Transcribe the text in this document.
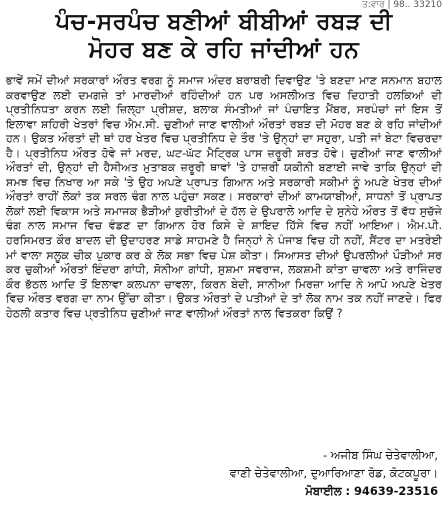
ਤ:ਵਾਰ | 98.. 33210
ਪੰਚ-ਸਰਪੰਚ ਬਣੀਆਂ ਬੀਬੀਆਂ ਰਬੜ ਦੀ
ਮੋਹਰ ਬਣ ਕੇ ਰਹਿ ਜਾਂਦੀਆਂ ਹਨ

ਭਾਵੇਂ ਸਮੇਂ ਦੀਆਂ ਸਰਕਾਰਾਂ ਔਰਤ ਵਰਗ ਨੂੰ ਸਮਾਜ ਅੰਦਰ ਬਰਾਬਰੀ ਦਿਵਾਉਣ 'ਤੇ ਬਣਦਾ ਮਾਣ ਸਨਮਾਨ ਬਹਾਲ ਕਰਵਾਉਣ ਲਈ ਦਮਗਜ਼ੇ ਤਾਂ ਮਾਰਦੀਆਂ ਰਹਿੰਦੀਆਂ ਹਨ ਪਰ ਅਸਲੀਅਤ ਵਿਚ ਦਿਹਾਤੀ ਹਲਕਿਆਂ ਦੀ ਪ੍ਰਤੀਨਿਧਤਾ ਕਰਨ ਲਈ ਜ਼ਿਲ੍ਹਾ ਪ੍ਰੀਸ਼ਦ, ਬਲਾਕ ਸੰਮਤੀਆਂ ਜਾਂ ਪੰਚਾਇਤ ਮੈਂਬਰ, ਸਰਪੰਚਾਂ ਜਾਂ ਇਸ ਤੋਂ ਇਲਾਵਾ ਸ਼ਹਿਰੀ ਖੇਤਰਾਂ ਵਿਚ ਐਮ.ਸੀ. ਚੁਣੀਆਂ ਜਾਣ ਵਾਲੀਆਂ ਔਰਤਾਂ ਰਬੜ ਦੀ ਮੋਹਰ ਬਣ ਕੇ ਰਹਿ ਜਾਂਦੀਆਂ ਹਨ। ਉਕਤ ਔਰਤਾਂ ਦੀ ਥਾਂ ਹਰ ਖੇਤਰ ਵਿਚ ਪ੍ਰਤੀਨਿਧ ਦੇ ਤੌਰ 'ਤੇ ਉਨ੍ਹਾਂ ਦਾ ਸਹੁਰਾ, ਪਤੀ ਜਾਂ ਬੇਟਾ ਵਿਚਰਦਾ ਹੈ। ਪ੍ਰਤੀਨਿਧ ਔਰਤ ਹੋਵੇ ਜਾਂ ਮਰਦ, ਘਟ-ਘੱਟ ਮੈਟ੍ਰਿਕ ਪਾਸ ਜ਼ਰੂਰੀ ਸ਼ਰਤ ਹੋਵੇ। ਚੁਣੀਆਂ ਜਾਣ ਵਾਲੀਆਂ ਔਰਤਾਂ ਦੀ, ਉਨ੍ਹਾਂ ਦੀ ਹੈਸੀਅਤ ਮੁਤਾਬਕ ਜ਼ਰੂਰੀ ਥਾਵਾਂ 'ਤੇ ਹਾਜ਼ਰੀ ਯਕੀਨੀ ਬਣਾਈ ਜਾਵੇ ਤਾਕਿ ਉਨ੍ਹਾਂ ਦੀ ਸਮਝ ਵਿਚ ਨਿਖਾਰ ਆ ਸਕੇ 'ਤੇ ਉਹ ਅਪਣੇ ਪ੍ਰਾਪਤ ਗਿਆਨ ਅਤੇ ਸਰਕਾਰੀ ਸਕੀਮਾਂ ਨੂੰ ਅਪਣੇ ਖੇਤਰ ਦੀਆਂ ਔਰਤਾਂ ਰਾਹੀਂ ਲੋਕਾਂ ਤਕ ਸਰਲ ਢੰਗ ਨਾਲ ਪਹੁੰਚਾ ਸਕਣ। ਸਰਕਾਰਾਂ ਦੀਆਂ ਕਾਮਯਾਬੀਆਂ, ਸਾਧਨਾਂ ਤੋਂ ਪ੍ਰਾਪਤ ਲੋਕਾਂ ਲਈ ਵਿਕਾਸ ਅਤੇ ਸਮਾਜਕ ਭੈੜੀਆਂ ਕੁਰੀਤੀਆਂ ਦੇ ਹੱਲ ਦੇ ਉਪਰਾਲੇ ਆਦਿ ਦੇ ਸੁਨੇਹੇ ਔਰਤ ਤੋਂ ਵੱਧ ਸੁਚੱਜੇ ਢੰਗ ਨਾਲ ਸਮਾਜ ਵਿਚ ਵੰਡਣ ਦਾ ਗਿਆਨ ਹੋਰ ਕਿਸੇ ਦੇ ਸ਼ਾਇਦ ਹਿੱਸੇ ਵਿਚ ਨਹੀਂ ਆਇਆ। ਐਮ.ਪੀ. ਹਰਸਿਮਰਤ ਕੌਰ ਬਾਦਲ ਦੀ ਉਦਾਹਰਣ ਸਾਡੇ ਸਾਹਮਣੇ ਹੈ ਜਿਨ੍ਹਾਂ ਨੇ ਪੰਜਾਬ ਵਿਚ ਹੀ ਨਹੀਂ, ਸੈਂਟਰ ਦਾ ਮਤਰੇਈ ਮਾਂ ਵਾਲਾ ਸਲੂਕ ਚੀਕ ਪੁਕਾਰ ਕਰ ਕੇ ਲੋਕ ਸਭਾ ਵਿਚ ਪੇਸ਼ ਕੀਤਾ। ਸਿਆਸਤ ਦੀਆਂ ਉਪਰਲੀਆਂ ਪੌੜੀਆਂ ਸਰ ਕਰ ਚੁਕੀਆਂ ਔਰਤਾਂ ਇੰਦਰਾ ਗਾਂਧੀ, ਸੋਨੀਆ ਗਾਂਧੀ, ਸੁਸ਼ਮਾ ਸਵਰਾਜ, ਲਕਸ਼ਮੀ ਕਾਂਤਾ ਚਾਵਲਾ ਅਤੇ ਰਾਜਿੰਦਰ ਕੌਰ ਭੱਠਲ ਆਦਿ ਤੋਂ ਇਲਾਵਾ ਕਲਪਨਾ ਚਾਵਲਾ, ਕਿਰਨ ਬੇਦੀ, ਸਾਨੀਆ ਮਿਰਜ਼ਾ ਆਦਿ ਨੇ ਆਪੋ ਅਪਣੇ ਖੇਤਰ ਵਿਚ ਔਰਤ ਵਰਗ ਦਾ ਨਾਮ ਉੱਚਾ ਕੀਤਾ। ਉਕਤ ਔਰਤਾਂ ਦੇ ਪਤੀਆਂ ਦੇ ਤਾਂ ਲੋਕ ਨਾਮ ਤਕ ਨਹੀਂ ਜਾਣਦੇ। ਫਿਰ ਹੇਠਲੀ ਕਤਾਰ ਵਿਚ ਪ੍ਰਤੀਨਿਧ ਚੁਣੀਆਂ ਜਾਣ ਵਾਲੀਆਂ ਔਰਤਾਂ ਨਾਲ ਵਿਤਕਰਾ ਕਿਉਂ ?

- ਅਜੀਬ ਸਿੰਘ ਚੇਤੇਵਾਲੀਆ,
ਵਾਣੀ ਚੇਤੇਵਾਲੀਆ, ਦੁਆਰਿਆਣਾ ਰੋਡ, ਕੋਟਕਪੂਰਾ।
ਮੋਬਾਈਲ : 94639-23516
